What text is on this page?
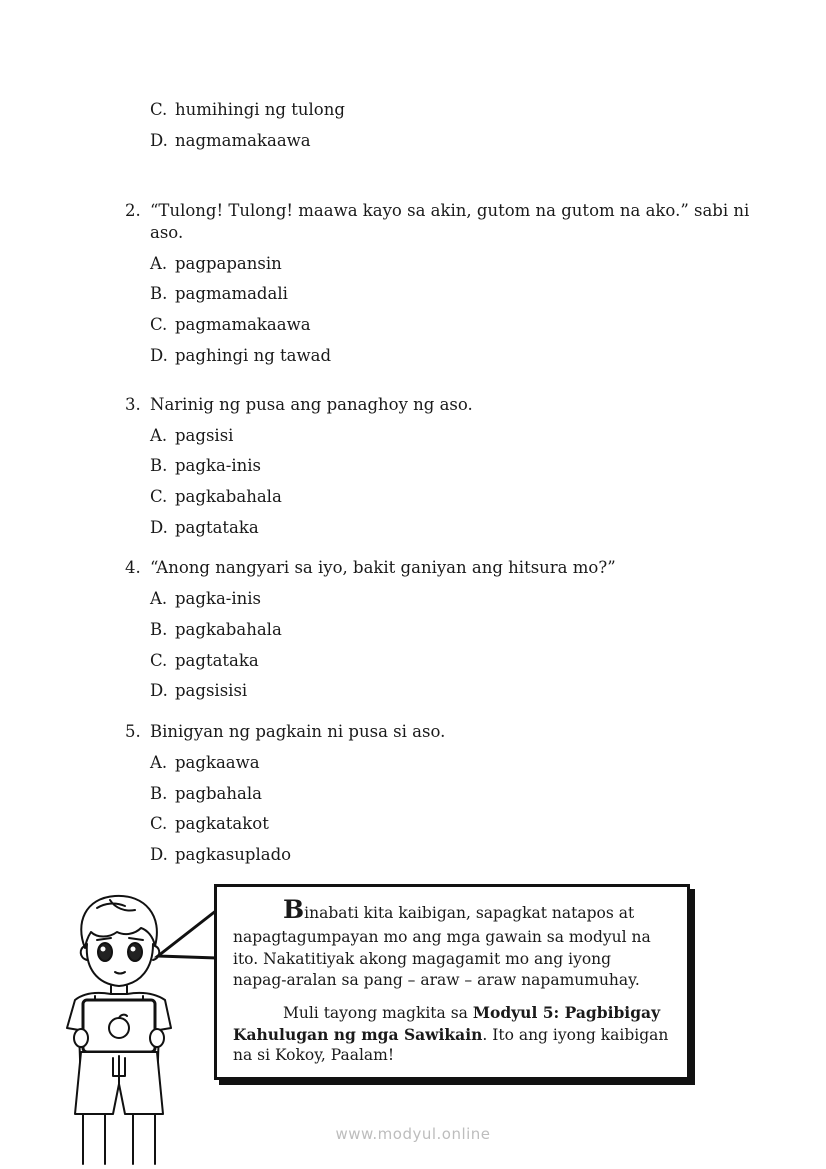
C. humihingi ng tulong
D. nagmamakaawa
2. “Tulong! Tulong! maawa kayo sa akin, gutom na gutom na ako.” sabi ni
aso.
A. pagpapansin
B. pagmamadali
C. pagmamakaawa
D. paghingi ng tawad
3. Narinig ng pusa ang panaghoy ng aso.
A. pagsisi
B. pagka-inis
C. pagkabahala
D. pagtataka
4. “Anong nangyari sa iyo, bakit ganiyan ang hitsura mo?”
A. pagka-inis
B. pagkabahala
C. pagtataka
D. pagsisisi
5. Binigyan ng pagkain ni pusa si aso.
A. pagkaawa
B. pagbahala
C. pagkatakot
D. pagkasuplado
Binabati kita kaibigan, sapagkat natapos at
napagtagumpayan mo ang mga gawain sa modyul na
ito. Nakatitiyak akong magagamit mo ang iyong
napag-aralan sa pang – araw – araw napamumuhay.
Muli tayong magkita sa Modyul 5: Pagbibigay
Kahulugan ng mga Sawikain. Ito ang iyong kaibigan
na si Kokoy, Paalam!
www.modyul.online
